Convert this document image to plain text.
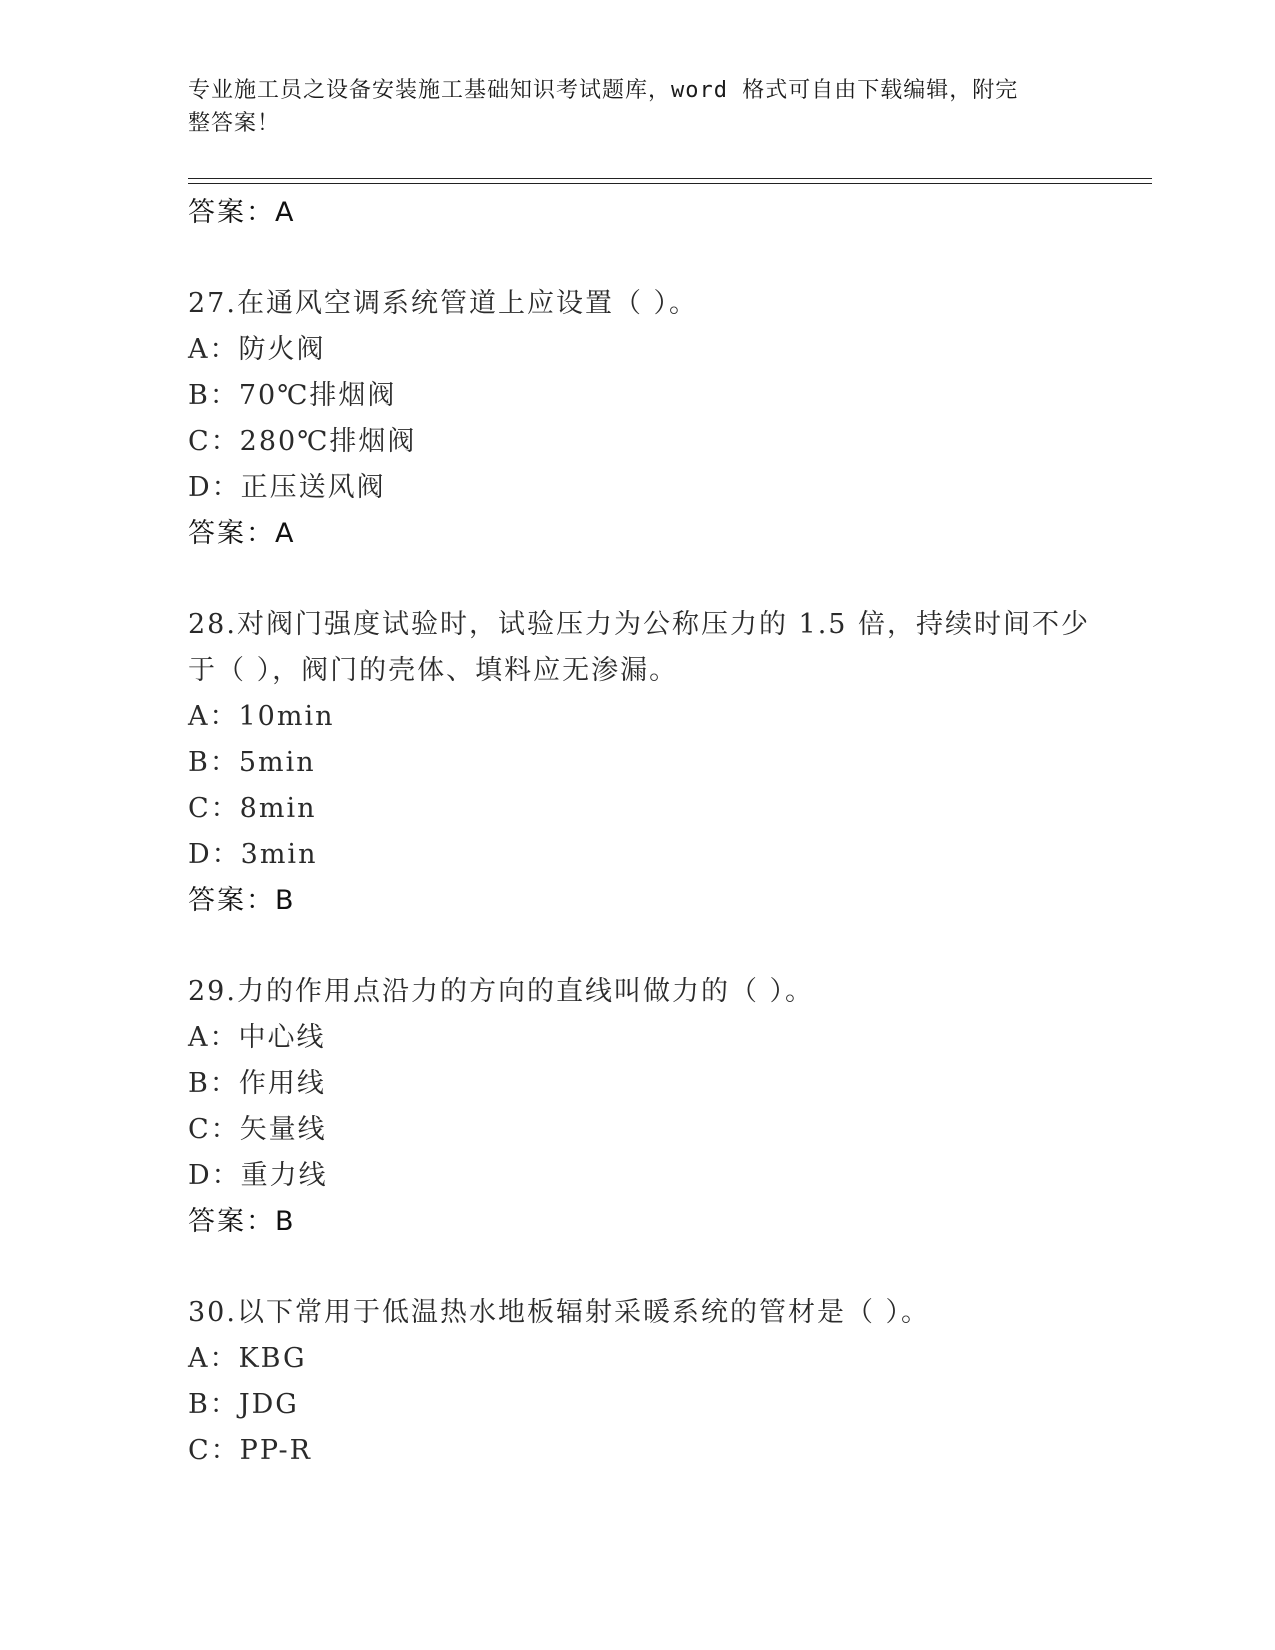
专业施工员之设备安装施工基础知识考试题库，word 格式可自由下载编辑，附完
整答案！
答案：A
27.在通风空调系统管道上应设置（ ）。
A：防火阀
B：70℃排烟阀
C：280℃排烟阀
D：正压送风阀
答案：A
28.对阀门强度试验时，试验压力为公称压力的 1.5 倍，持续时间不少
于（ ），阀门的壳体、填料应无渗漏。
A：10min
B：5min
C：8min
D：3min
答案：B
29.力的作用点沿力的方向的直线叫做力的（ ）。
A：中心线
B：作用线
C：矢量线
D：重力线
答案：B
30.以下常用于低温热水地板辐射采暖系统的管材是（ ）。
A：KBG
B：JDG
C：PP-R
